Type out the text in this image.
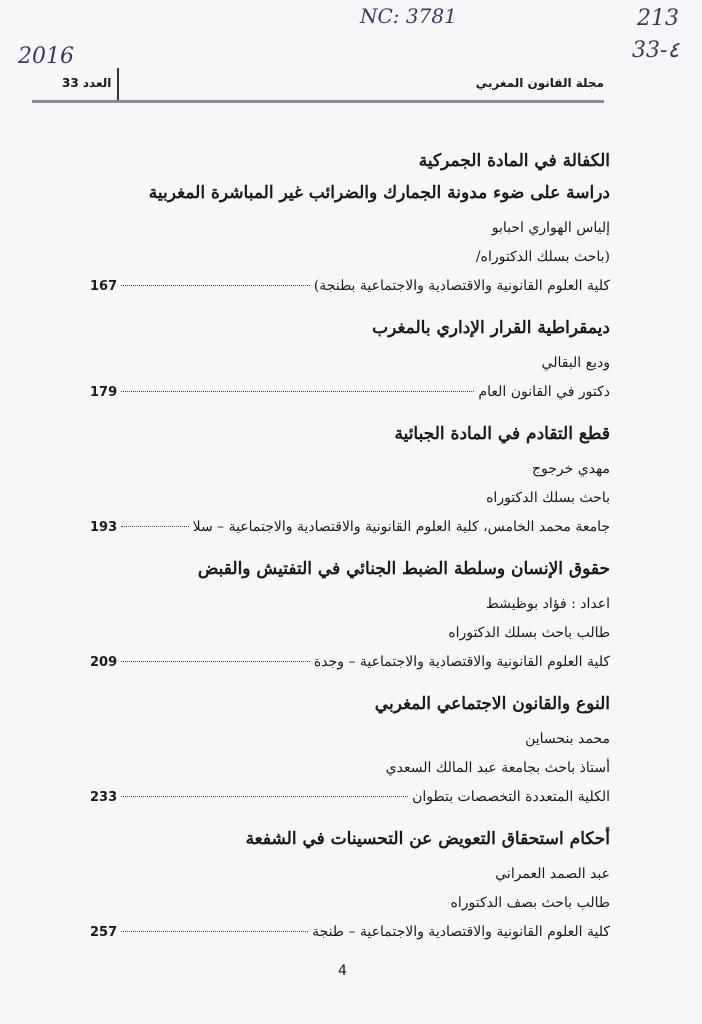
NC: 3781	213
33-٤
2016
مجلة القانون المغربي
العدد 33

الكفالة في المادة الجمركية

دراسة على ضوء مدونة الجمارك والضرائب غير المباشرة المغربية

إلياس الهواري احبابو

(باحث بسلك الدكتوراه/

كلية العلوم القانونية والاقتصادية والاجتماعية بطنجة)
167

ديمقراطية القرار الإداري بالمغرب

وديع البقالي

دكتور في القانون العام
179

قطع التقادم في المادة الجبائية

مهدي خرجوج

باحث بسلك الدكتوراه

جامعة محمد الخامس، كلية العلوم القانونية والاقتصادية والاجتماعية – سلا
193

حقوق الإنسان وسلطة الضبط الجنائي في التفتيش والقبض

اعداد : فؤاد بوظيشط

طالب باحث بسلك الدكتوراه

كلية العلوم القانونية والاقتصادية والاجتماعية – وجدة
209

النوع والقانون الاجتماعي المغربي

محمد بنحساين

أستاذ باحث بجامعة عبد المالك السعدي

الكلية المتعددة التخصصات بتطوان
233

أحكام استحقاق التعويض عن التحسينات في الشفعة

عبد الصمد العمراني

طالب باحث بصف الدكتوراه

كلية العلوم القانونية والاقتصادية والاجتماعية – طنجة
257
4
